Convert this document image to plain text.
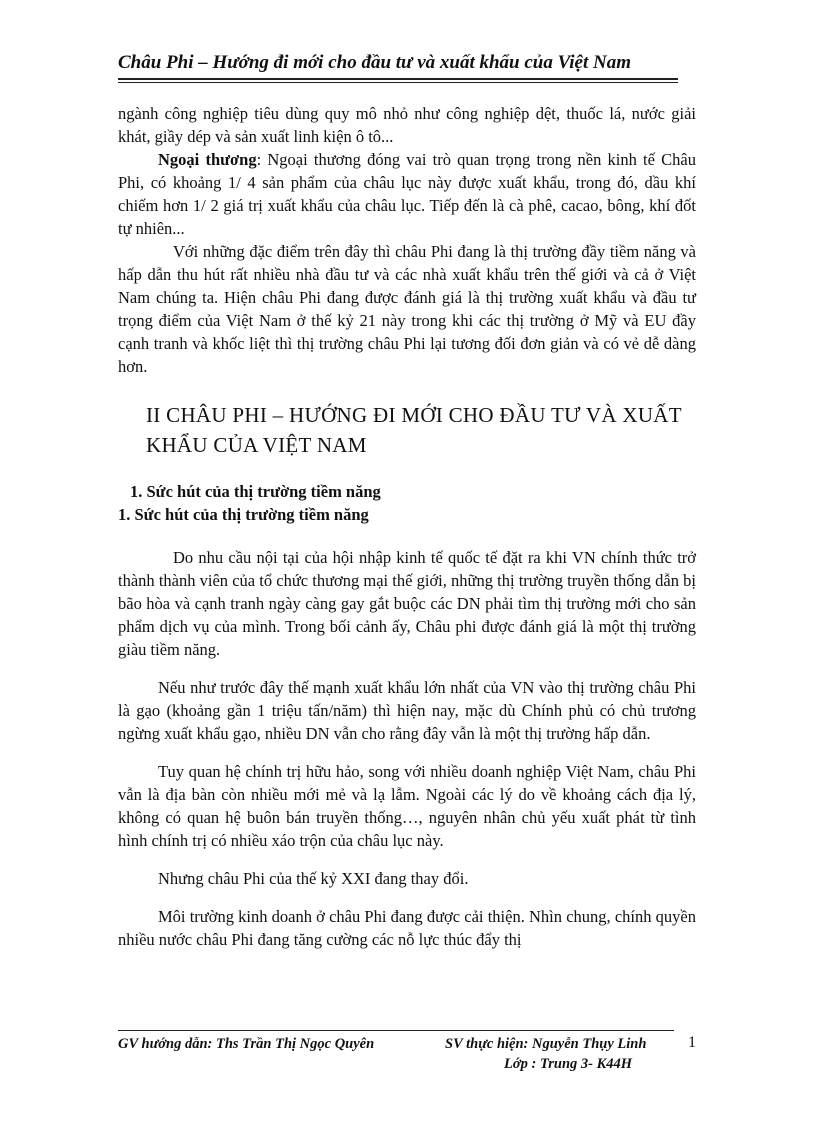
Châu Phi – Hướng đi mới cho đầu tư và xuất khẩu của Việt Nam

ngành công nghiệp tiêu dùng quy mô nhỏ như công nghiệp dệt, thuốc lá, nước giải khát, giầy dép và sản xuất linh kiện ô tô...

Ngoại thương: Ngoại thương đóng vai trò quan trọng trong nền kinh tế Châu Phi, có khoảng 1/ 4 sản phẩm của châu lục này được xuất khẩu, trong đó, dầu khí chiếm hơn 1/ 2 giá trị xuất khẩu của châu lục. Tiếp đến là cà phê, cacao, bông, khí đốt tự nhiên...

Với những đặc điểm trên đây thì châu Phi đang là thị trường đầy tiềm năng và hấp dẫn thu hút rất nhiều nhà đầu tư và các nhà xuất khẩu trên thế giới và cả ở Việt Nam chúng ta. Hiện châu Phi đang được đánh giá là thị trường xuất khẩu và đầu tư trọng điểm của Việt Nam ở thế kỷ 21 này trong khi các thị trường ở Mỹ và EU đầy cạnh tranh và khốc liệt thì thị trường châu Phi lại tương đối đơn giản và có vẻ dễ dàng hơn.

II CHÂU PHI – HƯỚNG ĐI MỚI CHO ĐẦU TƯ VÀ XUẤT KHẨU CỦA VIỆT NAM
1. Sức hút của thị trường tiềm năng1. Sức hút của thị trường tiềm năng

Do nhu cầu nội tại của hội nhập kinh tế quốc tế đặt ra khi VN chính thức trở thành thành viên của tổ chức thương mại thế giới, những thị trường truyền thống dẫn bị bão hòa và cạnh tranh ngày càng gay gắt buộc các DN phải tìm thị trường mới cho sản phẩm dịch vụ của mình. Trong bối cảnh ấy, Châu phi được đánh giá là một thị trường giàu tiềm năng.

Nếu như trước đây thế mạnh xuất khẩu lớn nhất của VN vào thị trường châu Phi là gạo (khoảng gần 1 triệu tấn/năm) thì hiện nay, mặc dù Chính phủ có chủ trương ngừng xuất khẩu gạo, nhiều DN vẫn cho rằng đây vẫn là một thị trường hấp dẫn.

Tuy quan hệ chính trị hữu hảo, song với nhiều doanh nghiệp Việt Nam, châu Phi vẫn là địa bàn còn nhiều mới mẻ và lạ lẫm. Ngoài các lý do về khoảng cách địa lý, không có quan hệ buôn bán truyền thống…, nguyên nhân chủ yếu xuất phát từ tình hình chính trị có nhiều xáo trộn của châu lục này.

Nhưng châu Phi của thế kỷ XXI đang thay đổi.

Môi trường kinh doanh ở châu Phi đang được cải thiện. Nhìn chung, chính quyền nhiều nước châu Phi đang tăng cường các nỗ lực thúc đẩy thị

GV hướng dẫn: Ths Trần Thị Ngọc Quyên	SV thực hiện: Nguyễn Thụy Linh
Lớp : Trung 3- K44H
1
